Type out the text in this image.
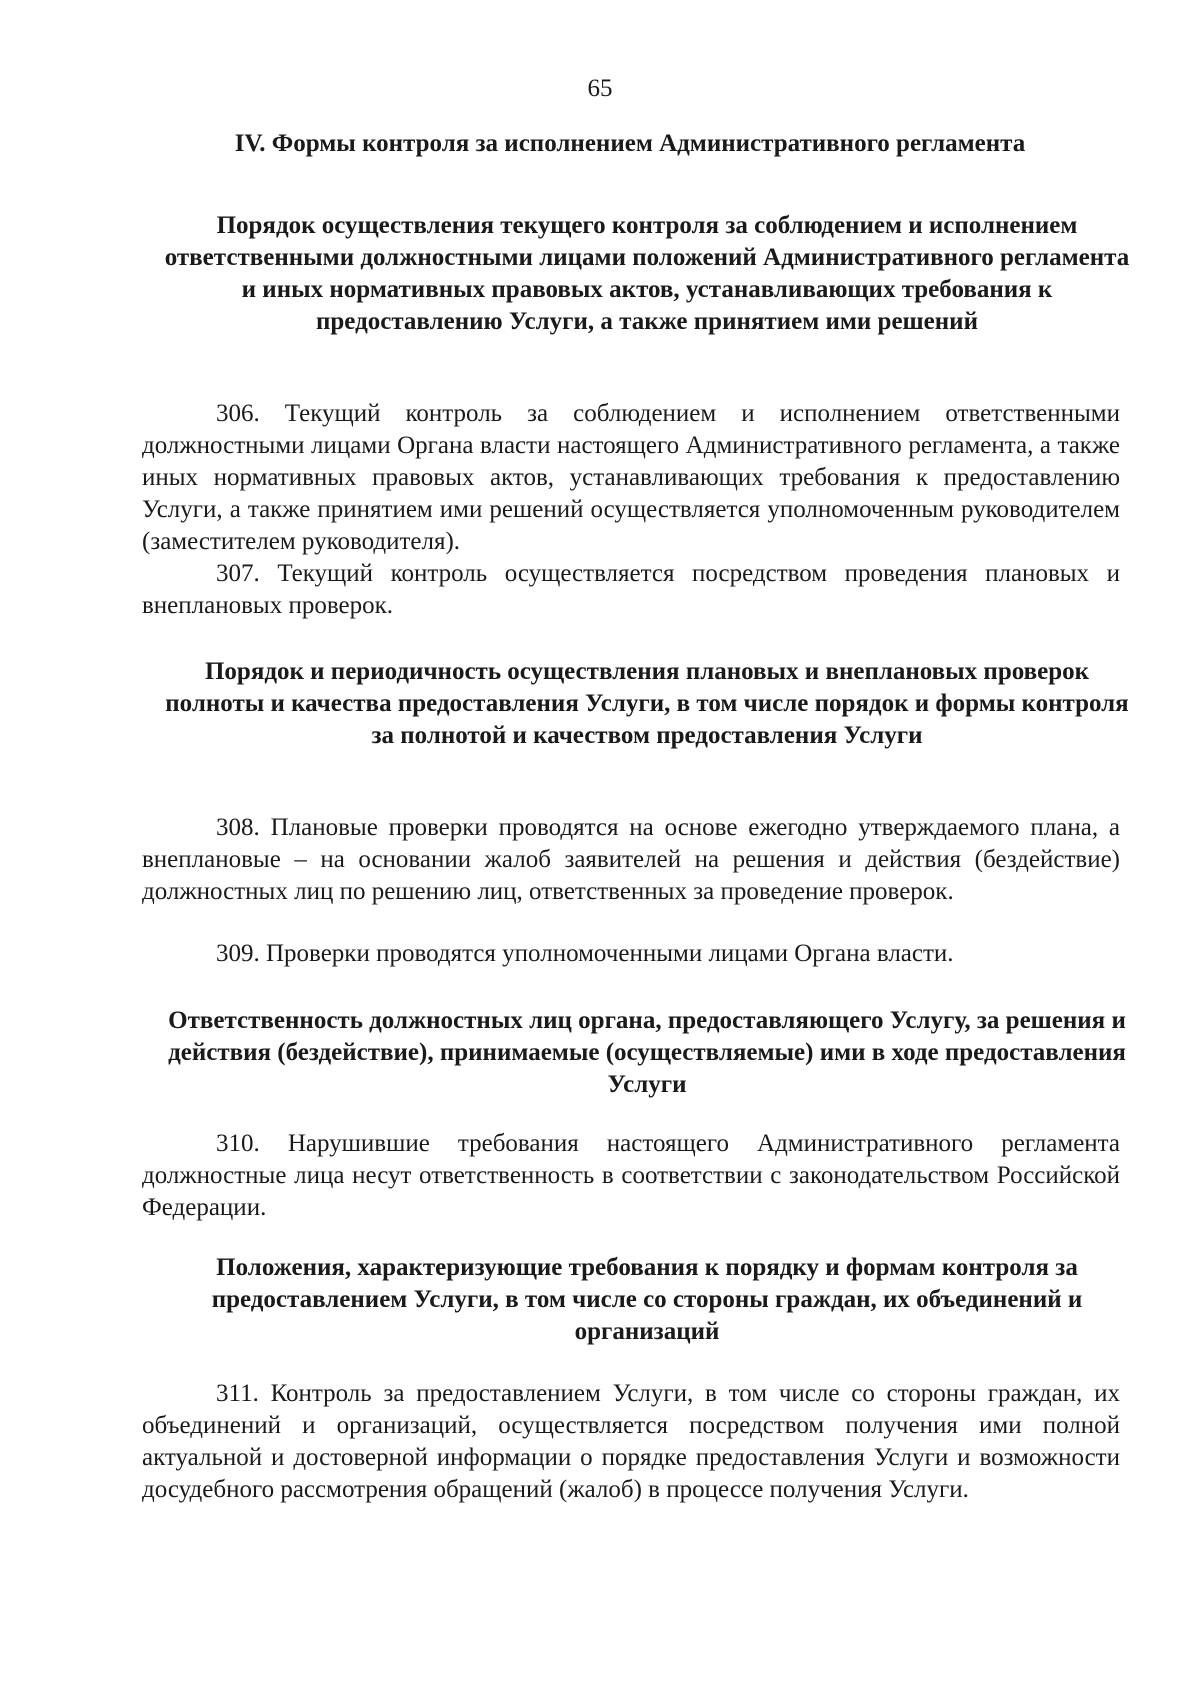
65
IV. Формы контроля за исполнением Административного регламента
Порядок осуществления текущего контроля за соблюдением и исполнением ответственными должностными лицами положений Административного регламента и иных нормативных правовых актов, устанавливающих требования к предоставлению Услуги, а также принятием ими решений
306. Текущий контроль за соблюдением и исполнением ответственными должностными лицами Органа власти настоящего Административного регламента, а также иных нормативных правовых актов, устанавливающих требования к предоставлению Услуги, а также принятием ими решений осуществляется уполномоченным руководителем (заместителем руководителя).
307. Текущий контроль осуществляется посредством проведения плановых и внеплановых проверок.
Порядок и периодичность осуществления плановых и внеплановых проверок полноты и качества предоставления Услуги, в том числе порядок и формы контроля за полнотой и качеством предоставления Услуги
308. Плановые проверки проводятся на основе ежегодно утверждаемого плана, а внеплановые – на основании жалоб заявителей на решения и действия (бездействие) должностных лиц по решению лиц, ответственных за проведение проверок.
309. Проверки проводятся уполномоченными лицами Органа власти.
Ответственность должностных лиц органа, предоставляющего Услугу, за решения и действия (бездействие), принимаемые (осуществляемые) ими в ходе предоставления Услуги
310. Нарушившие требования настоящего Административного регламента должностные лица несут ответственность в соответствии с законодательством Российской Федерации.
Положения, характеризующие требования к порядку и формам контроля за предоставлением Услуги, в том числе со стороны граждан, их объединений и организаций
311. Контроль за предоставлением Услуги, в том числе со стороны граждан, их объединений и организаций, осуществляется посредством получения ими полной актуальной и достоверной информации о порядке предоставления Услуги и возможности досудебного рассмотрения обращений (жалоб) в процессе получения Услуги.
